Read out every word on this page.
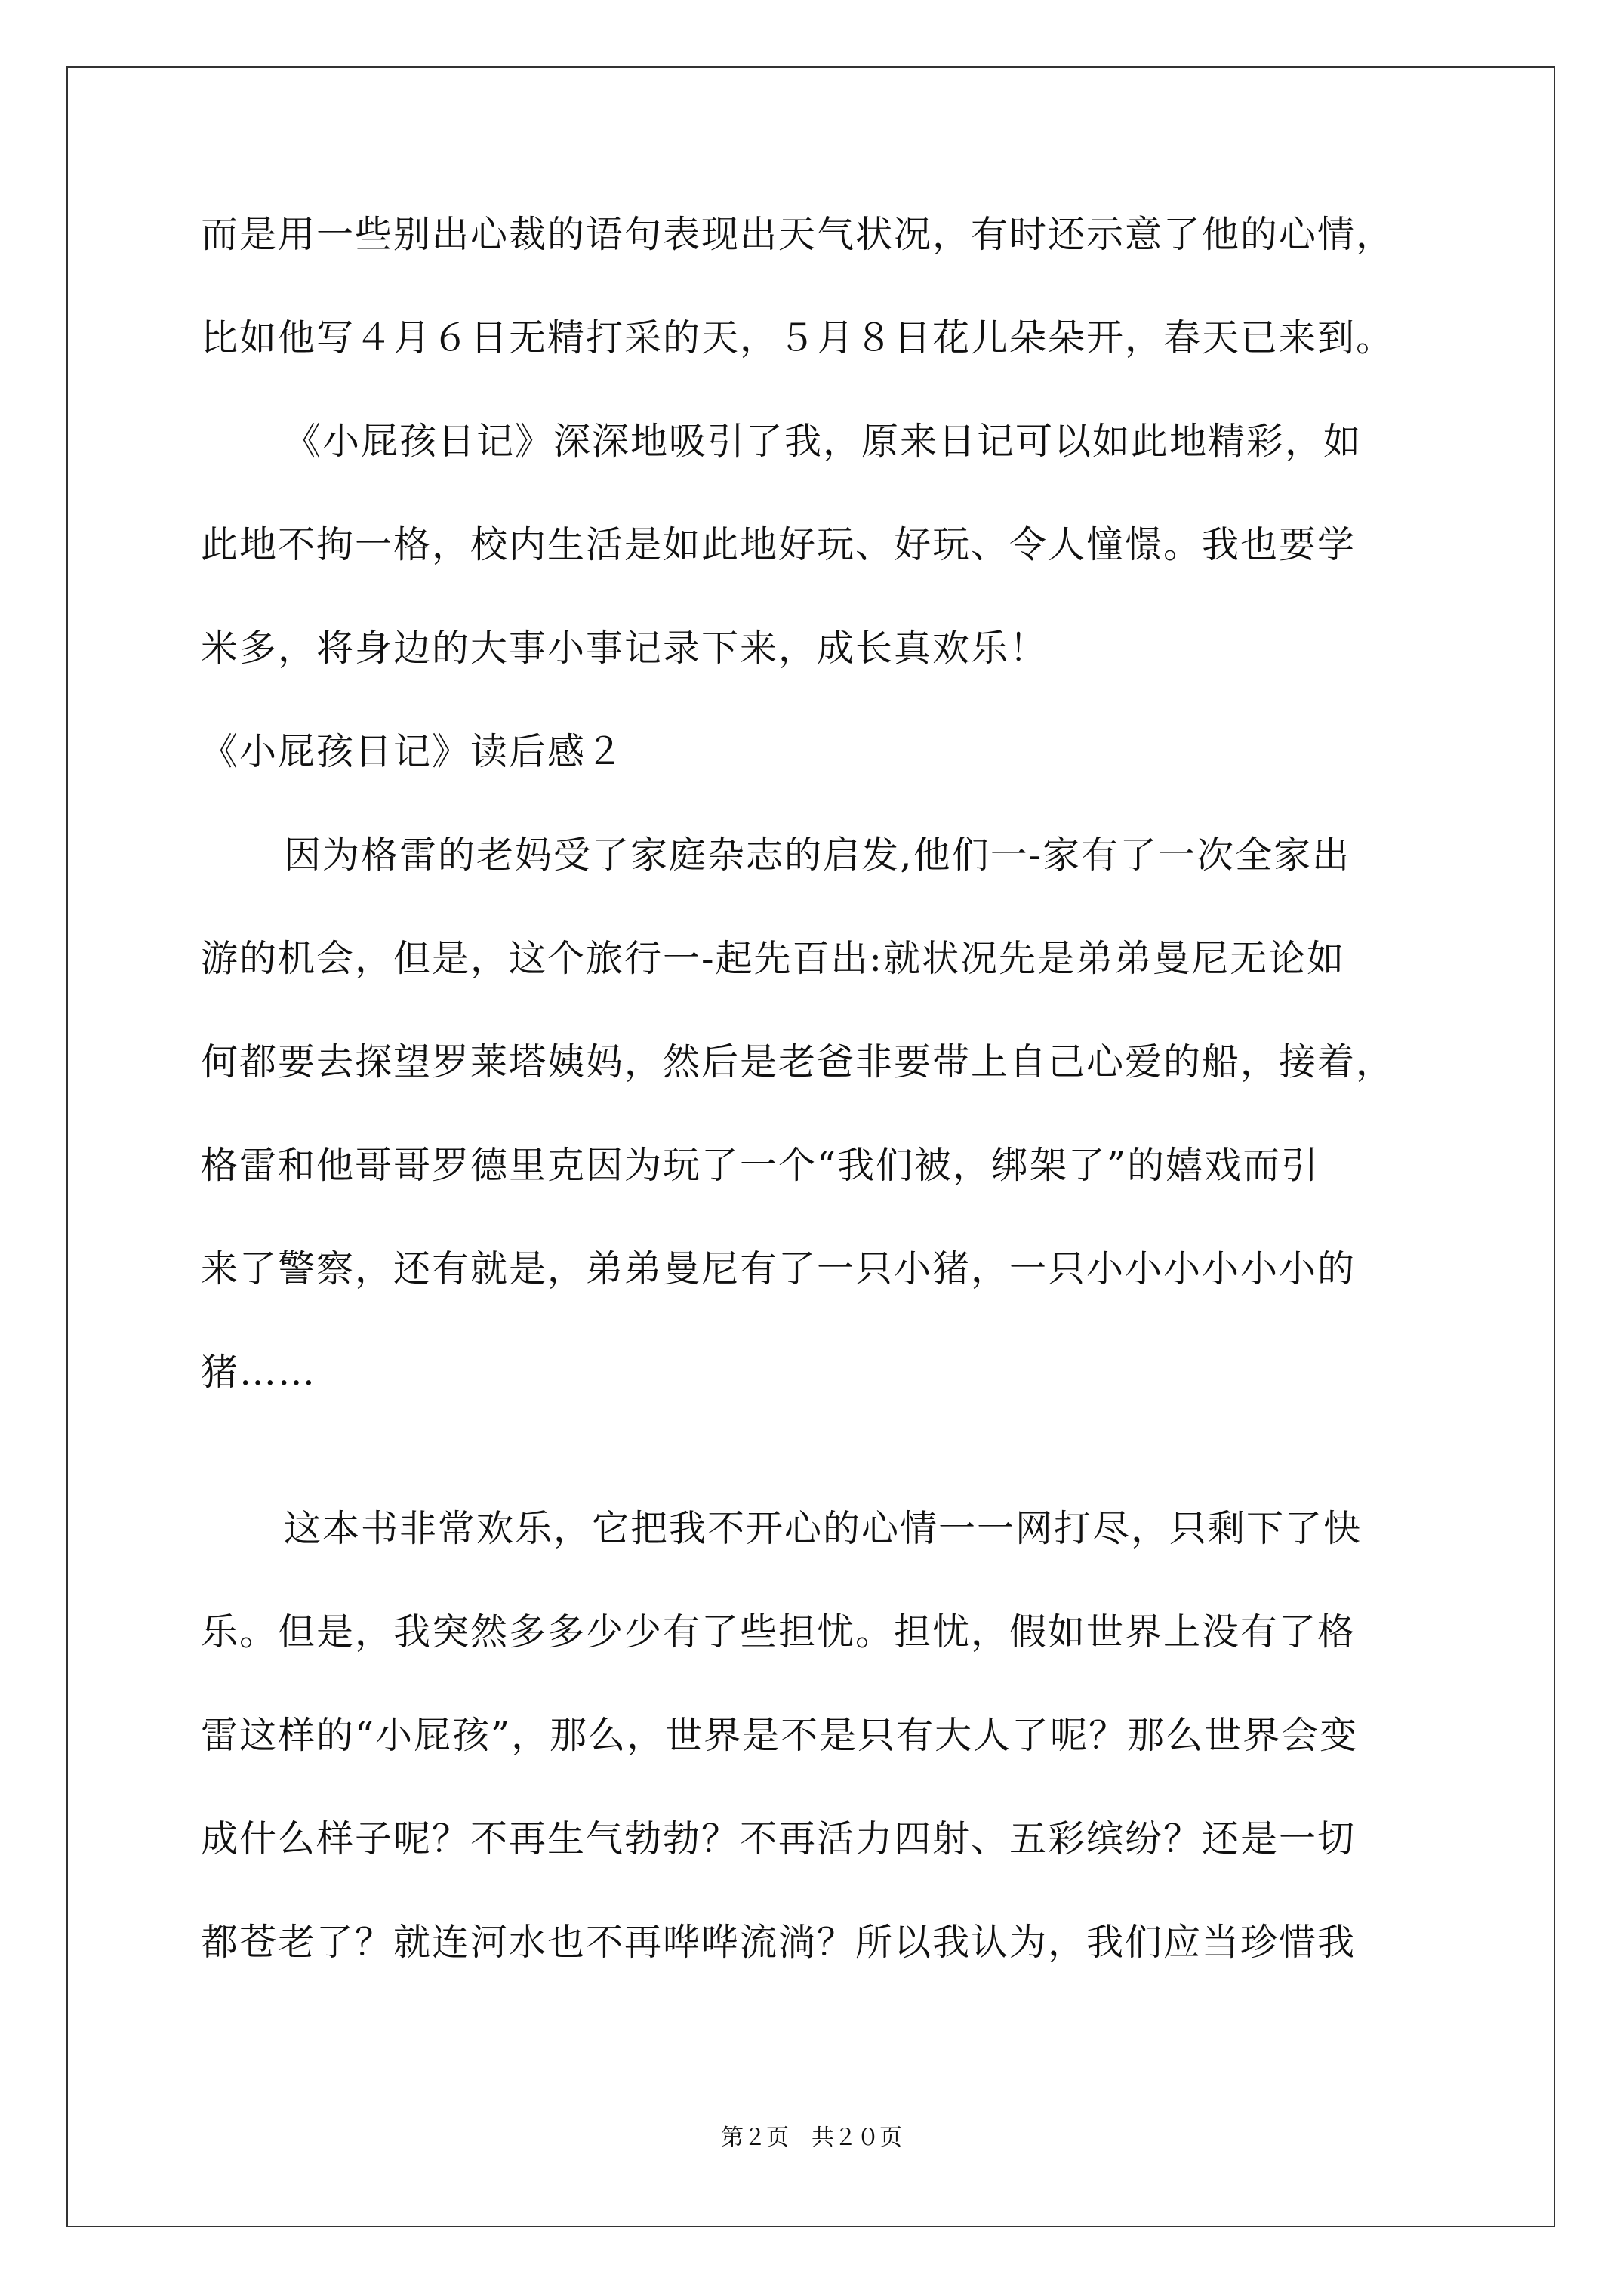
而是用一些别出心裁的语句表现出天气状况，有时还示意了他的心情，
比如他写４月６日无精打采的天，５月８日花儿朵朵开，春天已来到。
《小屁孩日记》深深地吸引了我，原来日记可以如此地精彩，如
此地不拘一格，校内生活是如此地好玩、好玩、令人憧憬。我也要学
米多，将身边的大事小事记录下来，成长真欢乐！
《小屁孩日记》读后感２
因为格雷的老妈受了家庭杂志的启发,他们一-家有了一次全家出
游的机会，但是，这个旅行一-起先百出:就状况先是弟弟曼尼无论如
何都要去探望罗莱塔姨妈，然后是老爸非要带上自己心爱的船，接着，
格雷和他哥哥罗德里克因为玩了一个“我们被，绑架了”的嬉戏而引
来了警察，还有就是，弟弟曼尼有了一只小猪，一只小小小小小小的
猪……
这本书非常欢乐，它把我不开心的心情一一网打尽，只剩下了快
乐。但是，我突然多多少少有了些担忧。担忧，假如世界上没有了格
雷这样的“小屁孩”，那么，世界是不是只有大人了呢？那么世界会变
成什么样子呢？不再生气勃勃？不再活力四射、五彩缤纷？还是一切
都苍老了？就连河水也不再哗哗流淌？所以我认为，我们应当珍惜我
第２页　共２０页
